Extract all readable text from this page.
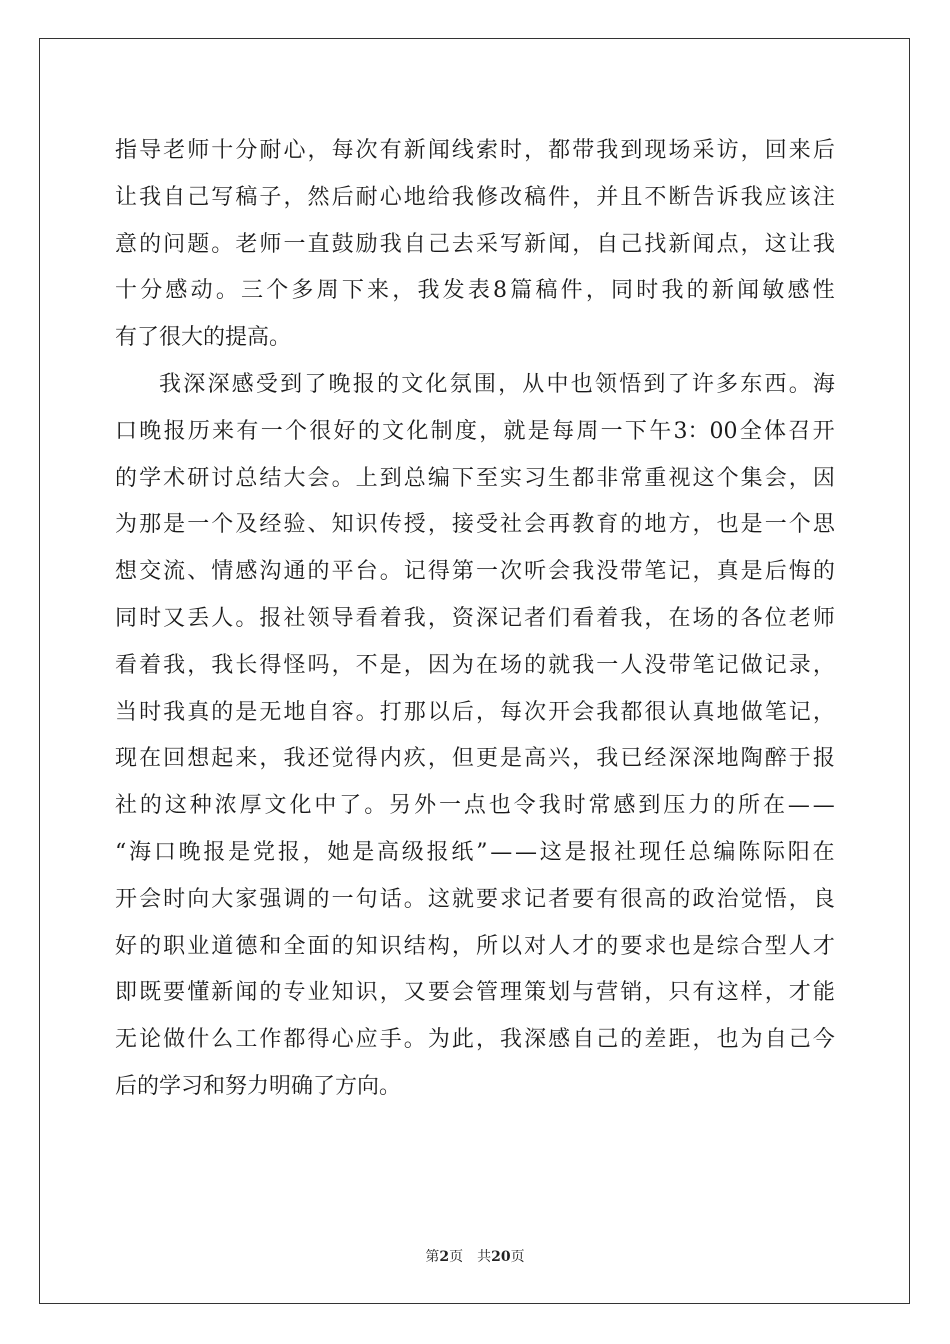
指 导 老 师 十 分 耐 心 ， 每 次 有 新 闻 线 索 时 ， 都 带 我 到 现 场 采 访 ， 回 来 后
让 我 自 己 写 稿 子 ， 然 后 耐 心 地 给 我 修 改 稿 件 ， 并 且 不 断 告 诉 我 应 该 注
意 的 问 题 。 老 师 一 直 鼓 励 我 自 己 去 采 写 新 闻 ， 自 己 找 新 闻 点 ， 这 让 我
十 分 感 动 。 三 个 多 周 下 来 ， 我 发 表 8 篇 稿 件 ， 同 时 我 的 新 闻 敏 感 性
有了很大的提高。
我 深 深 感 受 到 了 晚 报 的 文 化 氛 围 ， 从 中 也 领 悟 到 了 许 多 东 西 。 海
口 晚 报 历 来 有 一 个 很 好 的 文 化 制 度 ， 就 是 每 周 一 下 午 3：00 全 体 召 开
的 学 术 研 讨 总 结 大 会 。 上 到 总 编 下 至 实 习 生 都 非 常 重 视 这 个 集 会 ， 因
为 那 是 一 个 及 经 验 、 知 识 传 授 ， 接 受 社 会 再 教 育 的 地 方 ， 也 是 一 个 思
想 交 流 、 情 感 沟 通 的 平 台 。 记 得 第 一 次 听 会 我 没 带 笔 记 ， 真 是 后 悔 的
同 时 又 丢 人 。 报 社 领 导 看 着 我 ， 资 深 记 者 们 看 着 我 ， 在 场 的 各 位 老 师
看 着 我 ， 我 长 得 怪 吗 ， 不 是 ， 因 为 在 场 的 就 我 一 人 没 带 笔 记 做 记 录 ，
当 时 我 真 的 是 无 地 自 容 。 打 那 以 后 ， 每 次 开 会 我 都 很 认 真 地 做 笔 记 ，
现 在 回 想 起 来 ， 我 还 觉 得 内 疚 ， 但 更 是 高 兴 ， 我 已 经 深 深 地 陶 醉 于 报
社 的 这 种 浓 厚 文 化 中 了 。 另 外 一 点 也 令 我 时 常 感 到 压 力 的 所 在 — —
“ 海 口 晚 报 是 党 报 ， 她 是 高 级 报 纸 ” — — 这 是 报 社 现 任 总 编 陈 际 阳 在
开 会 时 向 大 家 强 调 的 一 句 话 。 这 就 要 求 记 者 要 有 很 高 的 政 治 觉 悟 ， 良
好 的 职 业 道 德 和 全 面 的 知 识 结 构 ， 所 以 对 人 才 的 要 求 也 是 综 合 型 人 才
即 既 要 懂 新 闻 的 专 业 知 识 ， 又 要 会 管 理 策 划 与 营 销 ， 只 有 这 样 ， 才 能
无 论 做 什 么 工 作 都 得 心 应 手 。 为 此 ， 我 深 感 自 己 的 差 距 ， 也 为 自 己 今
后的学习和努力明确了方向。
第2页 共20页
